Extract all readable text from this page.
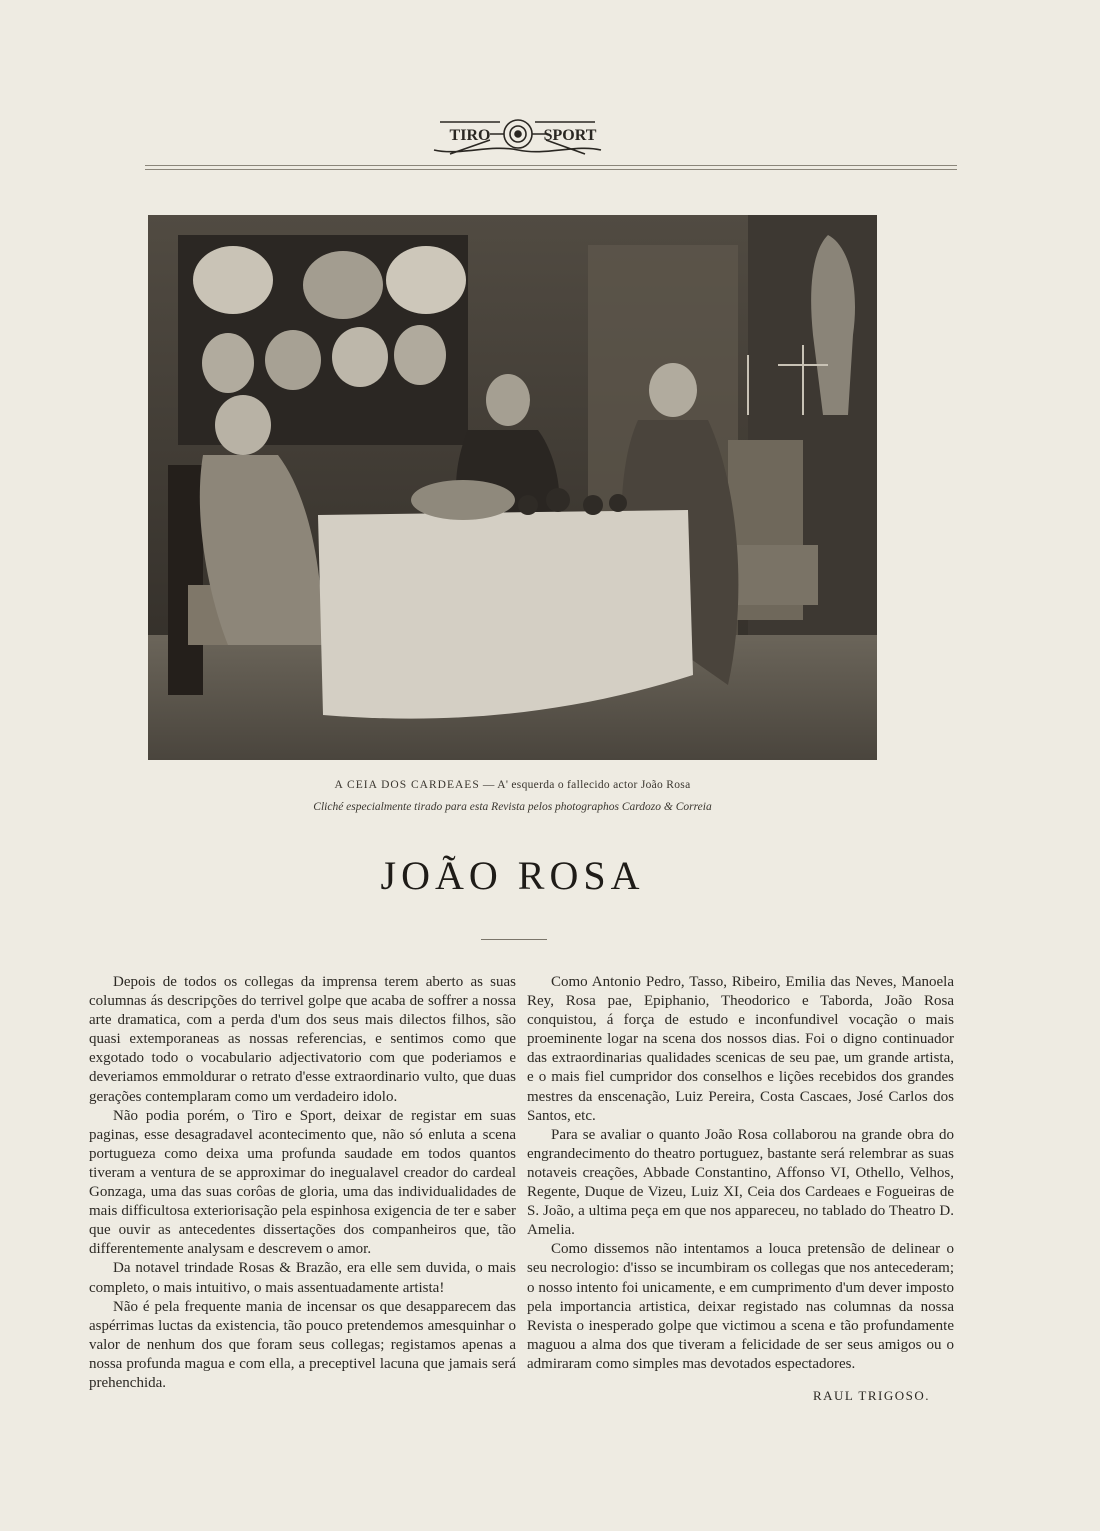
TIRO	SPORT
A CEIA DOS CARDEAES — A' esquerda o fallecido actor João Rosa
Cliché especialmente tirado para esta Revista pelos photographos Cardozo & Correia
JOÃO ROSA

Depois de todos os collegas da imprensa terem aberto as suas columnas ás descripções do terrivel golpe que acaba de soffrer a nossa arte dramatica, com a perda d'um dos seus mais dilectos filhos, são quasi extemporaneas as nossas referencias, e sentimos como que exgotado todo o vocabulario adjectivatorio com que poderiamos e deveriamos emmoldurar o retrato d'esse extraordinario vulto, que duas gerações contemplaram como um verdadeiro idolo.

Não podia porém, o Tiro e Sport, deixar de registar em suas paginas, esse desagradavel acontecimento que, não só enluta a scena portugueza como deixa uma profunda saudade em todos quantos tiveram a ventura de se approximar do inegualavel creador do cardeal Gonzaga, uma das suas corôas de gloria, uma das individualidades de mais difficultosa exteriorisação pela espinhosa exigencia de ter e saber que ouvir as antecedentes dissertações dos companheiros que, tão differentemente analysam e descrevem o amor.

Da notavel trindade Rosas & Brazão, era elle sem duvida, o mais completo, o mais intuitivo, o mais assentuadamente artista!

Não é pela frequente mania de incensar os que desapparecem das aspérrimas luctas da existencia, tão pouco pretendemos amesquinhar o valor de nenhum dos que foram seus collegas; registamos apenas a nossa profunda magua e com ella, a preceptivel lacuna que jamais será prehenchida.

Como Antonio Pedro, Tasso, Ribeiro, Emilia das Neves, Manoela Rey, Rosa pae, Epiphanio, Theodorico e Taborda, João Rosa conquistou, á força de estudo e inconfundivel vocação o mais proeminente logar na scena dos nossos dias. Foi o digno continuador das extraordinarias qualidades scenicas de seu pae, um grande artista, e o mais fiel cumpridor dos conselhos e lições recebidos dos grandes mestres da enscenação, Luiz Pereira, Costa Cascaes, José Carlos dos Santos, etc.

Para se avaliar o quanto João Rosa collaborou na grande obra do engrandecimento do theatro portuguez, bastante será relembrar as suas notaveis creações, Abbade Constantino, Affonso VI, Othello, Velhos, Regente, Duque de Vizeu, Luiz XI, Ceia dos Cardeaes e Fogueiras de S. João, a ultima peça em que nos appareceu, no tablado do Theatro D. Amelia.

Como dissemos não intentamos a louca pretensão de delinear o seu necrologio: d'isso se incumbiram os collegas que nos antecederam; o nosso intento foi unicamente, e em cumprimento d'um dever imposto pela importancia artistica, deixar registado nas columnas da nossa Revista o inesperado golpe que victimou a scena e tão profundamente maguou a alma dos que tiveram a felicidade de ser seus amigos ou o admiraram como simples mas devotados espectadores.

RAUL TRIGOSO.
